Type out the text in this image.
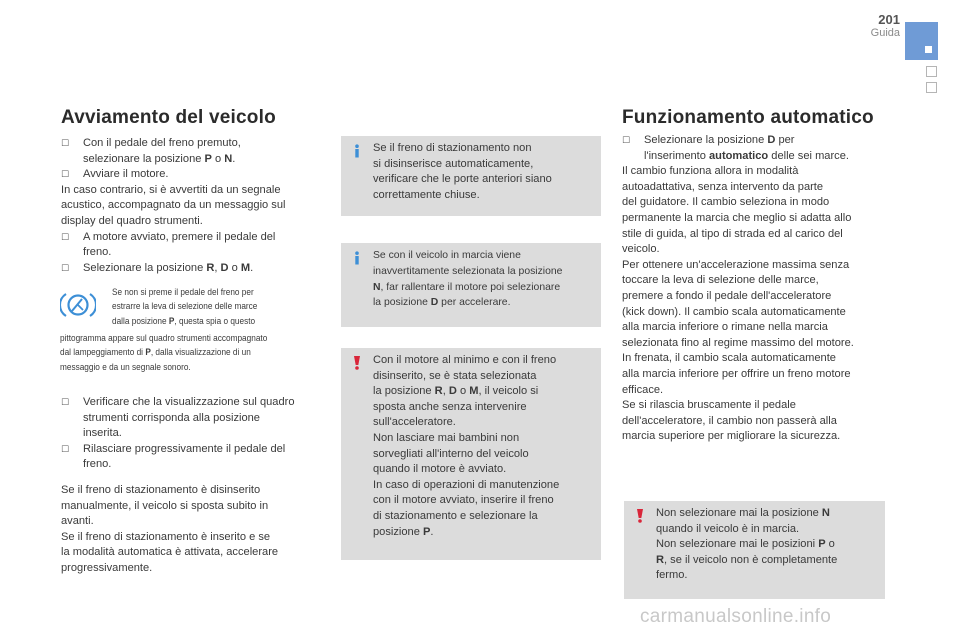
201
Guida
Avviamento del veicolo
☐ Con il pedale del freno premuto,

selezionare la posizione P o N.

☐ Avviare il motore.

In caso contrario, si è avvertiti da un segnale

acustico, accompagnato da un messaggio sul

display del quadro strumenti.

☐ A motore avviato, premere il pedale del

freno.

☐ Selezionare la posizione R, D o M.

Se non si preme il pedale del freno per
estrarre la leva di selezione delle marce
dalla posizione P, questa spia o questo
pittogramma appare sul quadro strumenti accompagnato
dal lampeggiamento di P, dalla visualizzazione di un
messaggio e da un segnale sonoro.
☐ Verificare che la visualizzazione sul quadro

strumenti corrisponda alla posizione

inserita.

☐ Rilasciare progressivamente il pedale del

freno.

Se il freno di stazionamento è disinserito

manualmente, il veicolo si sposta subito in

avanti.

Se il freno di stazionamento è inserito e se

la modalità automatica è attivata, accelerare

progressivamente.

Se il freno di stazionamento non

si disinserisce automaticamente,

verificare che le porte anteriori siano

correttamente chiuse.

Se con il veicolo in marcia viene

inavvertitamente selezionata la posizione

N, far rallentare il motore poi selezionare

la posizione D per accelerare.

Con il motore al minimo e con il freno

disinserito, se è stata selezionata

la posizione R, D o M, il veicolo si

sposta anche senza intervenire

sull'acceleratore.

Non lasciare mai bambini non

sorvegliati all'interno del veicolo

quando il motore è avviato.

In caso di operazioni di manutenzione

con il motore avviato, inserire il freno

di stazionamento e selezionare la

posizione P.

Funzionamento automatico
☐ Selezionare la posizione D per

l'inserimento automatico delle sei marce.

Il cambio funziona allora in modalità

autoadattativa, senza intervento da parte

del guidatore. Il cambio seleziona in modo

permanente la marcia che meglio si adatta allo

stile di guida, al tipo di strada ed al carico del

veicolo.

Per ottenere un'accelerazione massima senza

toccare la leva di selezione delle marce,

premere a fondo il pedale dell'acceleratore

(kick down). Il cambio scala automaticamente

alla marcia inferiore o rimane nella marcia

selezionata fino al regime massimo del motore.

In frenata, il cambio scala automaticamente

alla marcia inferiore per offrire un freno motore

efficace.

Se si rilascia bruscamente il pedale

dell'acceleratore, il cambio non passerà alla

marcia superiore per migliorare la sicurezza.

Non selezionare mai la posizione N

quando il veicolo è in marcia.

Non selezionare mai le posizioni P o

R, se il veicolo non è completamente

fermo.

carmanualsonline.info
